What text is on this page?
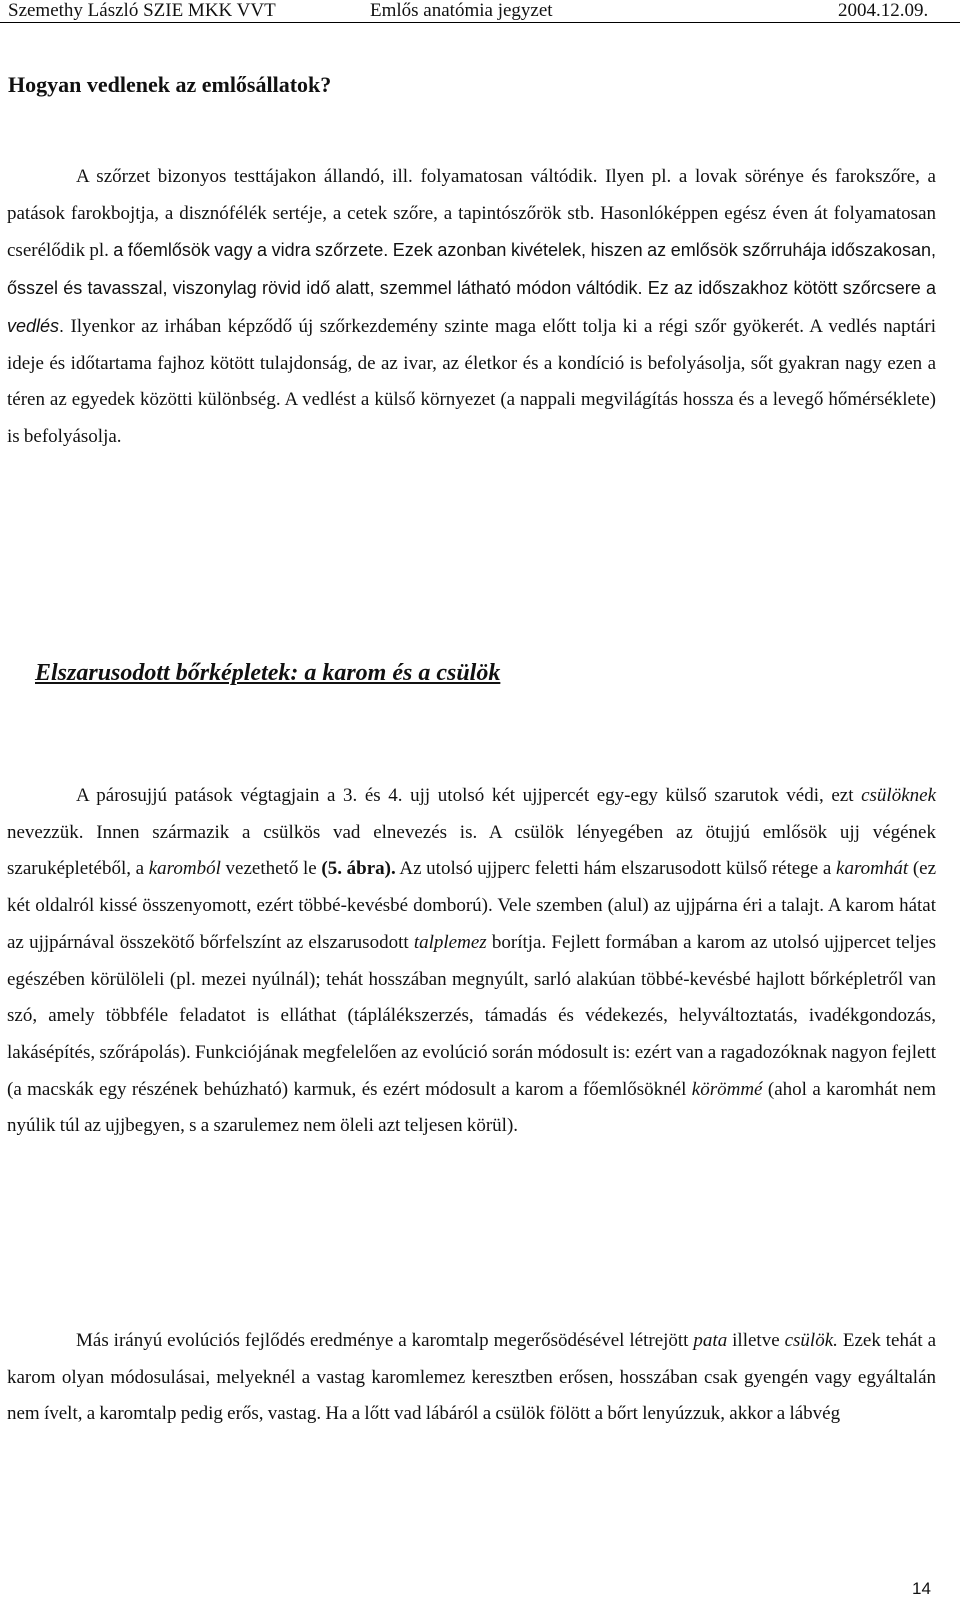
Szemethy László SZIE MKK VVT	Emlős anatómia jegyzet	2004.12.09.
Hogyan vedlenek az emlősállatok?

A szőrzet bizonyos testtájakon állandó, ill. folyamatosan váltódik. Ilyen pl. a lovak sörénye és farokszőre, a patások farokbojtja, a disznófélék sertéje, a cetek szőre, a tapintószőrök stb. Hasonlóképpen egész éven át folyamatosan cserélődik pl. a főemlősök vagy a vidra szőrzete. Ezek azonban kivételek, hiszen az emlősök szőrruhája időszakosan, ősszel és tavasszal, viszonylag rövid idő alatt, szemmel látható módon váltódik. Ez az időszakhoz kötött szőrcsere a vedlés. Ilyenkor az irhában képződő új szőrkezdemény szinte maga előtt tolja ki a régi szőr gyökerét. A vedlés naptári ideje és időtartama fajhoz kötött tulajdonság, de az ivar, az életkor és a kondíció is befolyásolja, sőt gyakran nagy ezen a téren az egyedek közötti különbség. A vedlést a külső környezet (a nappali megvilágítás hossza és a levegő hőmérséklete) is befolyásolja.

Elszarusodott bőrképletek: a karom és a csülök

A párosujjú patások végtagjain a 3. és 4. ujj utolsó két ujjpercét egy-egy külső szarutok védi, ezt csülöknek nevezzük. Innen származik a csülkös vad elnevezés is. A csülök lényegében az ötujjú emlősök ujj végének szaruképletéből, a karomból vezethető le (5. ábra). Az utolsó ujjperc feletti hám elszarusodott külső rétege a karomhát (ez két oldalról kissé összenyomott, ezért többé-kevésbé domború). Vele szemben (alul) az ujjpárna éri a talajt. A karom hátat az ujjpárnával összekötő bőrfelszínt az elszarusodott talplemez borítja. Fejlett formában a karom az utolsó ujjpercet teljes egészében körülöleli (pl. mezei nyúlnál); tehát hosszában megnyúlt, sarló alakúan többé-kevésbé hajlott bőrképletről van szó, amely többféle feladatot is elláthat (táplálékszerzés, támadás és védekezés, helyváltoztatás, ivadékgondozás, lakásépítés, szőrápolás). Funkciójának megfelelően az evolúció során módosult is: ezért van a ragadozóknak nagyon fejlett (a macskák egy részének behúzható) karmuk, és ezért módosult a karom a főemlősöknél körömmé (ahol a karomhát nem nyúlik túl az ujjbegyen, s a szarulemez nem öleli azt teljesen körül).

Más irányú evolúciós fejlődés eredménye a karomtalp megerősödésével létrejött pata illetve csülök. Ezek tehát a karom olyan módosulásai, melyeknél a vastag karomlemez keresztben erősen, hosszában csak gyengén vagy egyáltalán nem ívelt, a karomtalp pedig erős, vastag. Ha a lőtt vad lábáról a csülök fölött a bőrt lenyúzzuk, akkor a lábvég

14
